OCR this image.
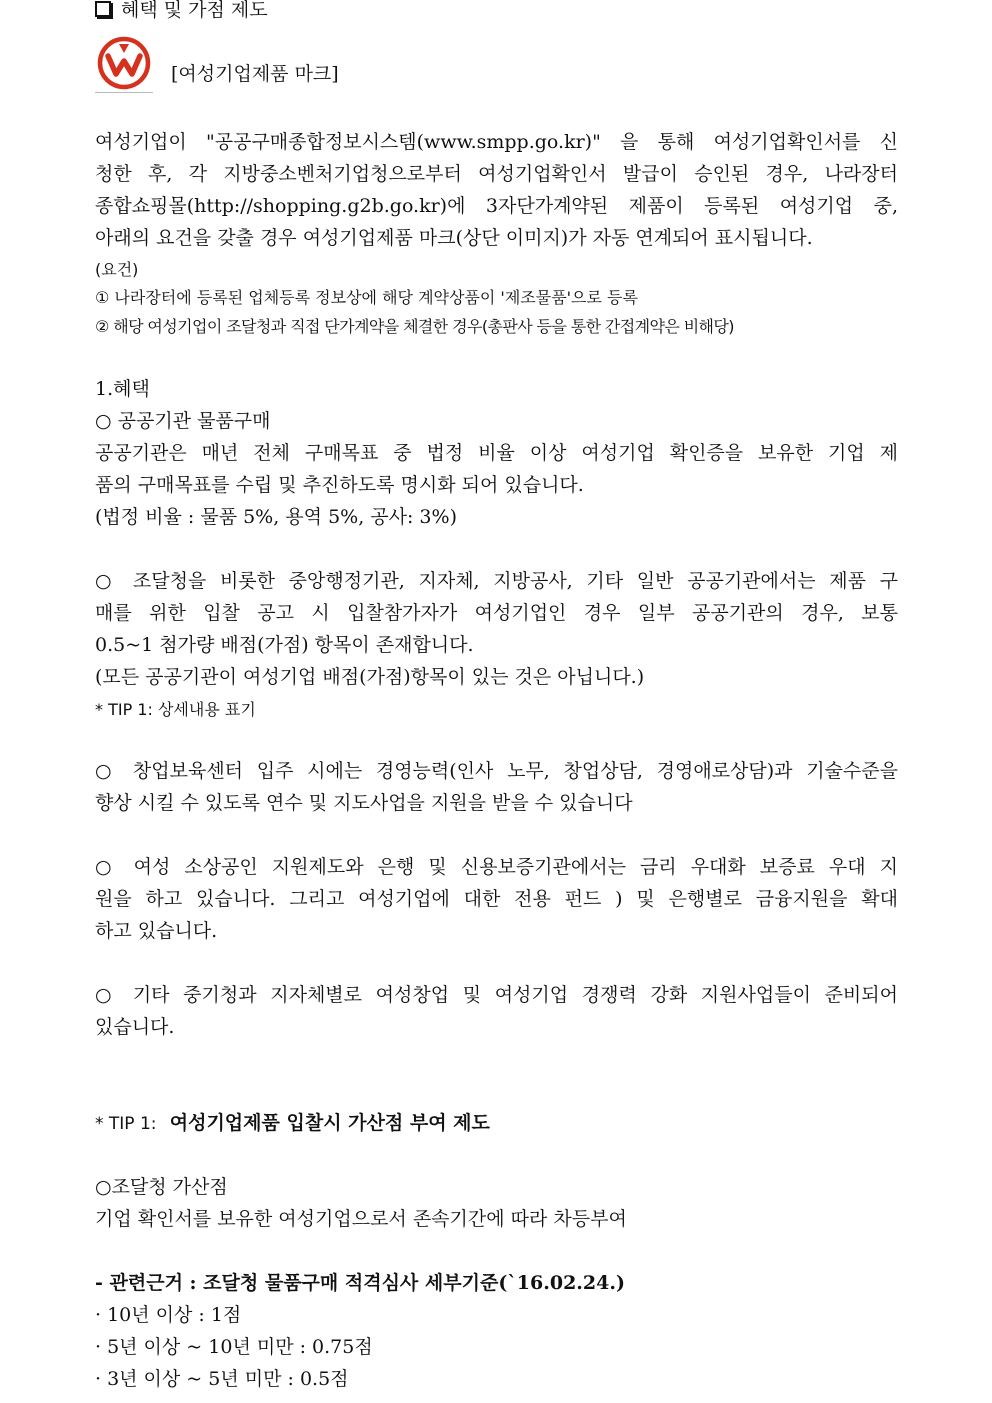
혜택 및 가점 제도
[여성기업제품 마크]
여성기업이 "공공구매종합정보시스템(www.smpp.go.kr)" 을 통해 여성기업확인서를 신
청한 후, 각 지방중소벤처기업청으로부터 여성기업확인서 발급이 승인된 경우, 나라장터
종합쇼핑몰(http://shopping.g2b.go.kr)에 3자단가계약된 제품이 등록된 여성기업 중,
아래의 요건을 갖출 경우 여성기업제품 마크(상단 이미지)가 자동 연계되어 표시됩니다.
(요건)
① 나라장터에 등록된 업체등록 정보상에 해당 계약상품이 '제조물품'으로 등록
② 해당 여성기업이 조달청과 직접 단가계약을 체결한 경우(총판사 등을 통한 간접계약은 비해당)
1.혜택
○ 공공기관 물품구매
공공기관은 매년 전체 구매목표 중 법정 비율 이상 여성기업 확인증을 보유한 기업 제
품의 구매목표를 수립 및 추진하도록 명시화 되어 있습니다.
(법정 비율 : 물품 5%, 용역 5%, 공사: 3%)
○ 조달청을 비롯한 중앙행정기관, 지자체, 지방공사, 기타 일반 공공기관에서는 제품 구
매를 위한 입찰 공고 시 입찰참가자가 여성기업인 경우 일부 공공기관의 경우, 보통
0.5~1 첨가량 배점(가점) 항목이 존재합니다.
(모든 공공기관이 여성기업 배점(가점)항목이 있는 것은 아닙니다.)
* TIP 1: 상세내용 표기
○ 창업보육센터 입주 시에는 경영능력(인사 노무, 창업상담, 경영애로상담)과 기술수준을
향상 시킬 수 있도록 연수 및 지도사업을 지원을 받을 수 있습니다
○ 여성 소상공인 지원제도와 은행 및 신용보증기관에서는 금리 우대화 보증료 우대 지
원을 하고 있습니다. 그리고 여성기업에 대한 전용 펀드 ) 및 은행별로 금융지원을 확대
하고 있습니다.
○ 기타 중기청과 지자체별로 여성창업 및 여성기업 경쟁력 강화 지원사업들이 준비되어
있습니다.
* TIP 1: 여성기업제품 입찰시 가산점 부여 제도
○조달청 가산점
기업 확인서를 보유한 여성기업으로서 존속기간에 따라 차등부여
- 관련근거 : 조달청 물품구매 적격심사 세부기준(`16.02.24.)
· 10년 이상 : 1점
· 5년 이상 ~ 10년 미만 : 0.75점
· 3년 이상 ~ 5년 미만 : 0.5점
